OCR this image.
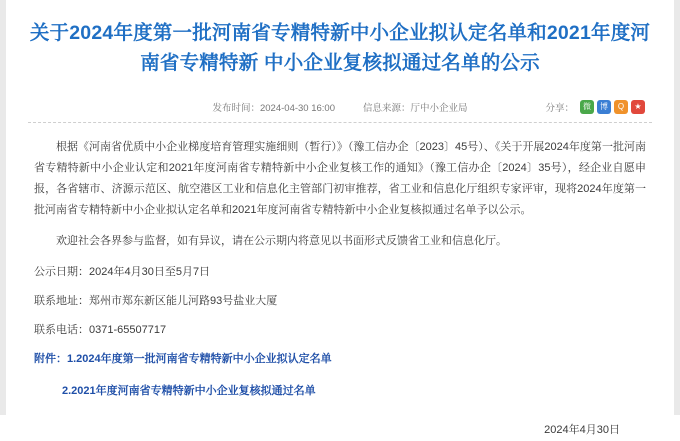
关于2024年度第一批河南省专精特新中小企业拟认定名单和2021年度河南省专精特新 中小企业复核拟通过名单的公示
发布时间：2024-04-30 16:00	信息来源：厅中小企业局	分享：	微	博	Q	★

根据《河南省优质中小企业梯度培育管理实施细则（暂行）》（豫工信办企〔2023〕45号）、《关于开展2024年度第一批河南省专精特新中小企业认定和2021年度河南省专精特新中小企业复核工作的通知》（豫工信办企〔2024〕35号），经企业自愿申报，各省辖市、济源示范区、航空港区工业和信息化主管部门初审推荐，省工业和信息化厅组织专家评审，现将2024年度第一批河南省专精特新中小企业拟认定名单和2021年度河南省专精特新中小企业复核拟通过名单予以公示。

欢迎社会各界参与监督，如有异议，请在公示期内将意见以书面形式反馈省工业和信息化厅。

公示日期：2024年4月30日至5月7日

联系地址：郑州市郑东新区能儿河路93号盐业大厦

联系电话：0371-65507717

附件：1.2024年度第一批河南省专精特新中小企业拟认定名单

2.2021年度河南省专精特新中小企业复核拟通过名单

2024年4月30日
